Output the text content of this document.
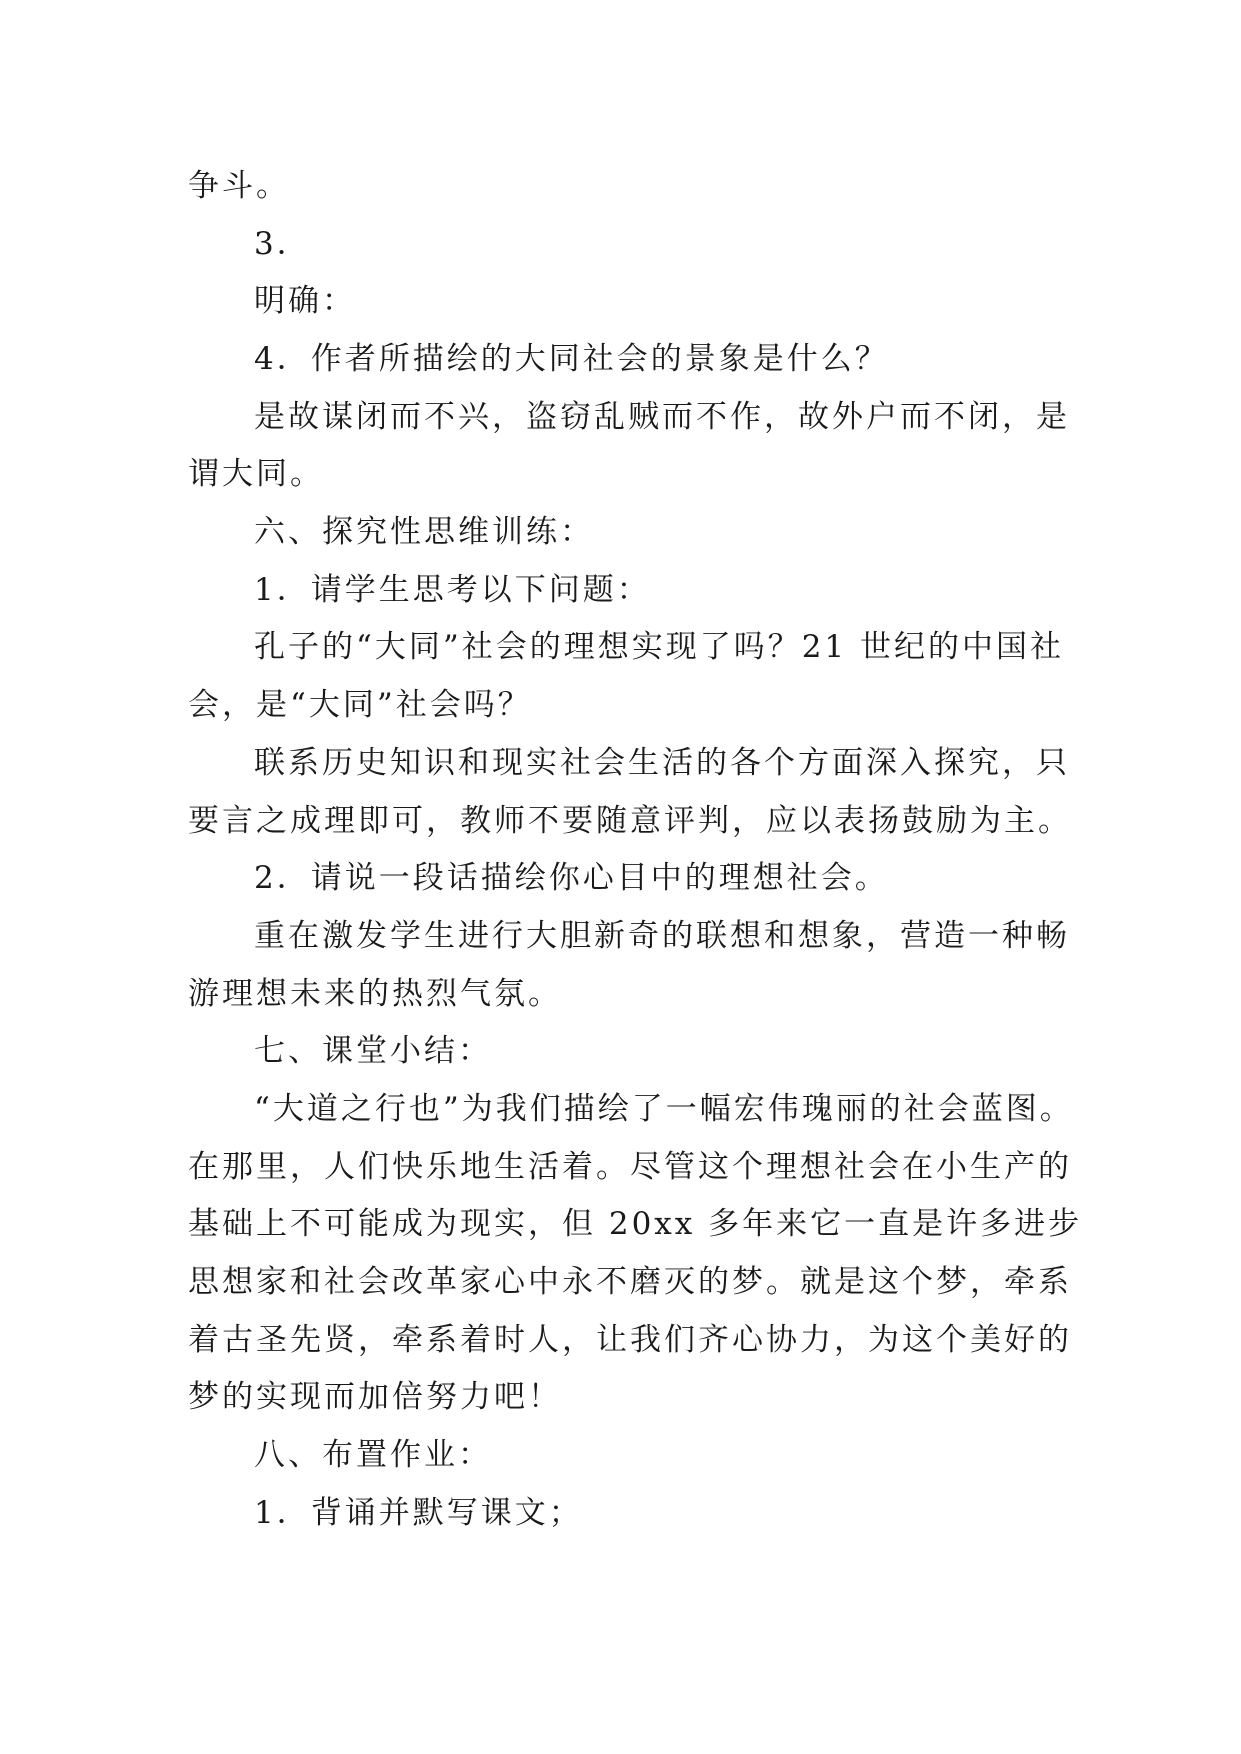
争斗。
3．
明确：
4．作者所描绘的大同社会的景象是什么？
是故谋闭而不兴，盗窃乱贼而不作，故外户而不闭，是
谓大同。
六、探究性思维训练：
1．请学生思考以下问题：
孔子的“大同”社会的理想实现了吗？21 世纪的中国社
会，是“大同”社会吗？
联系历史知识和现实社会生活的各个方面深入探究，只
要言之成理即可，教师不要随意评判，应以表扬鼓励为主。
2．请说一段话描绘你心目中的理想社会。
重在激发学生进行大胆新奇的联想和想象，营造一种畅
游理想未来的热烈气氛。
七、课堂小结：
“大道之行也”为我们描绘了一幅宏伟瑰丽的社会蓝图。
在那里，人们快乐地生活着。尽管这个理想社会在小生产的
基础上不可能成为现实，但 20xx 多年来它一直是许多进步
思想家和社会改革家心中永不磨灭的梦。就是这个梦，牵系
着古圣先贤，牵系着时人，让我们齐心协力，为这个美好的
梦的实现而加倍努力吧！
八、布置作业：
1．背诵并默写课文；
